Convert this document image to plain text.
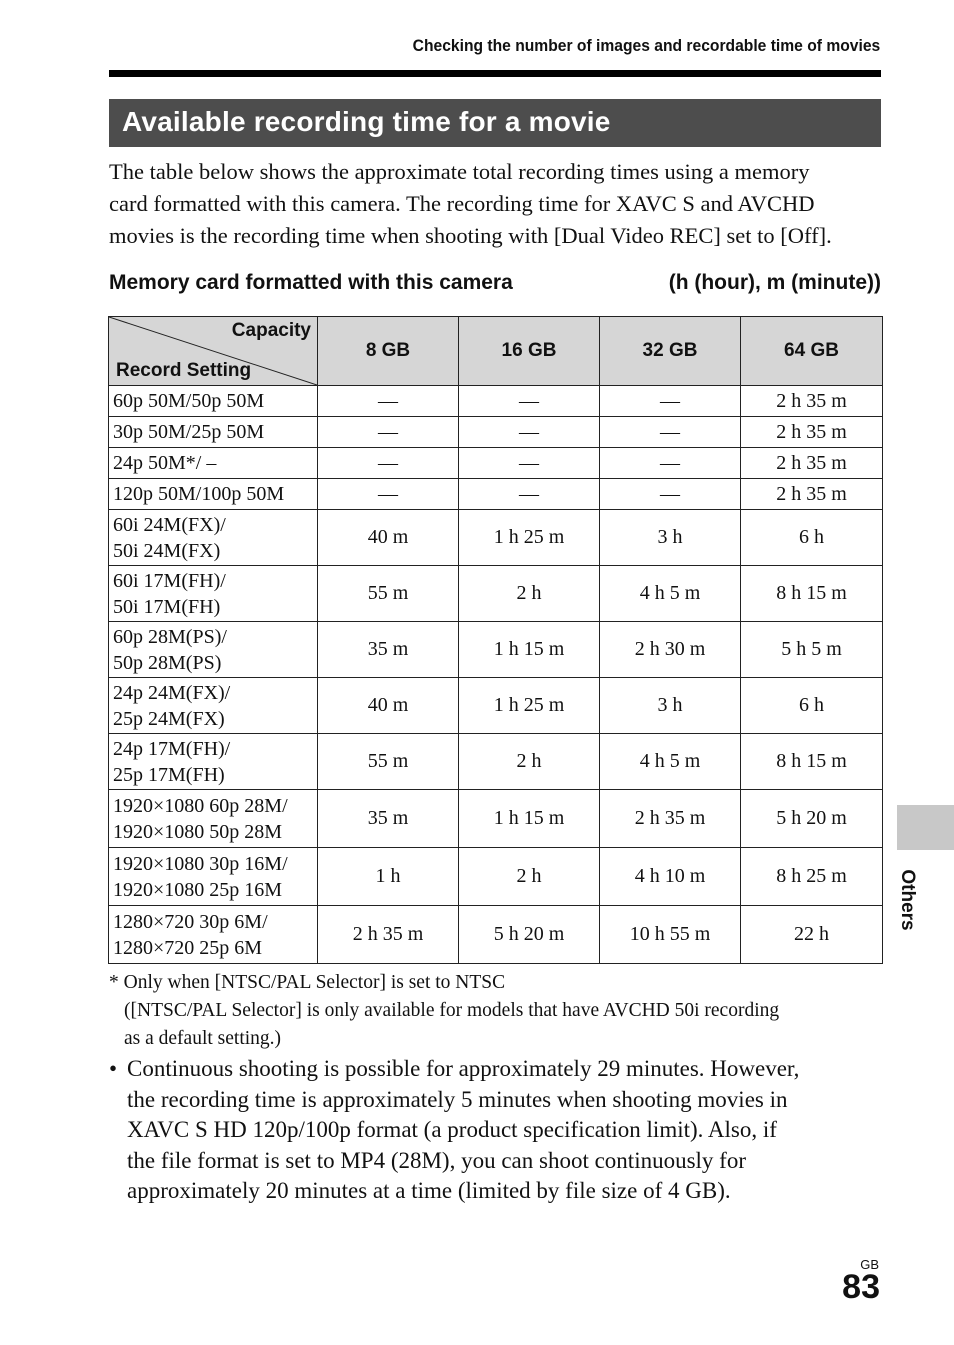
Checking the number of images and recordable time of movies
Available recording time for a movie

The table below shows the approximate total recording times using a memory
card formatted with this camera. The recording time for XAVC S and AVCHD
movies is the recording time when shooting with [Dual Video REC] set to [Off].

Memory card formatted with this camera	(h (hour), m (minute))
Capacity
Record Setting	8 GB	16 GB	32 GB	64 GB

60p 50M/50p 50M	—	—	—	2 h 35 m

30p 50M/25p 50M	—	—	—	2 h 35 m

24p 50M*/ –	—	—	—	2 h 35 m

120p 50M/100p 50M	—	—	—	2 h 35 m

60i 24M(FX)/
50i 24M(FX)	40 m	1 h 25 m	3 h	6 h

60i 17M(FH)/
50i 17M(FH)	55 m	2 h	4 h 5 m	8 h 15 m

60p 28M(PS)/
50p 28M(PS)	35 m	1 h 15 m	2 h 30 m	5 h 5 m

24p 24M(FX)/
25p 24M(FX)	40 m	1 h 25 m	3 h	6 h

24p 17M(FH)/
25p 17M(FH)	55 m	2 h	4 h 5 m	8 h 15 m

1920×1080 60p 28M/
1920×1080 50p 28M	35 m	1 h 15 m	2 h 35 m	5 h 20 m

1920×1080 30p 16M/
1920×1080 25p 16M	1 h	2 h	4 h 10 m	8 h 25 m

1280×720 30p 6M/
1280×720 25p 6M	2 h 35 m	5 h 20 m	10 h 55 m	22 h
* Only when [NTSC/PAL Selector] is set to NTSC
([NTSC/PAL Selector] is only available for models that have AVCHD 50i recording
as a default setting.)
• Continuous shooting is possible for approximately 29 minutes. However,
the recording time is approximately 5 minutes when shooting movies in
XAVC S HD 120p/100p format (a product specification limit). Also, if
the file format is set to MP4 (28M), you can shoot continuously for
approximately 20 minutes at a time (limited by file size of 4 GB).
Others
GB
83
